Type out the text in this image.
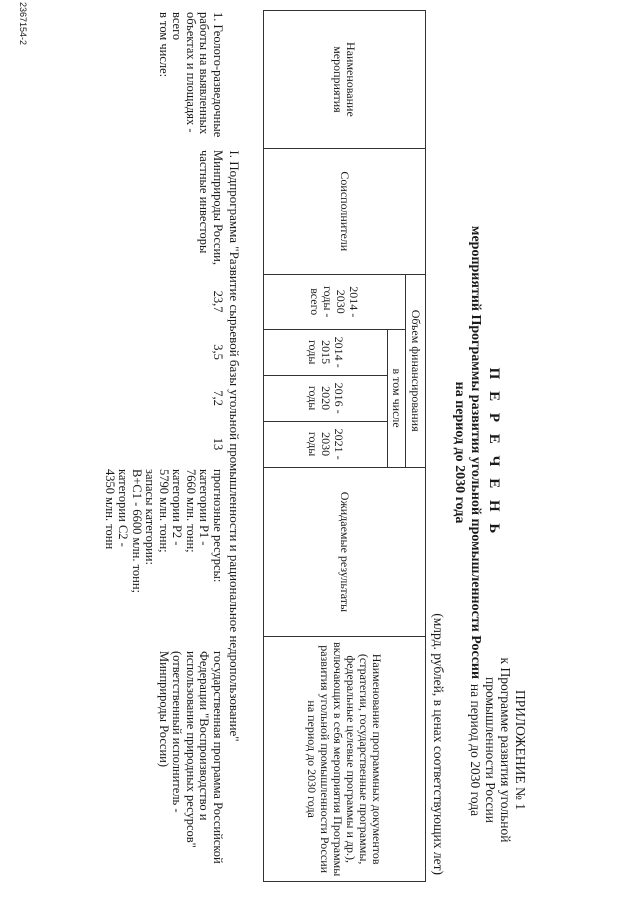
ПРИЛОЖЕНИЕ № 1
к Программе развития угольной
промышленности России
на период до 2030 года
П Е Р Е Ч Е Н Ь
мероприятий Программы развития угольной промышленности России
на период до 2030 года
(млрд. рублей, в ценах соответствующих лет)
Наименование мероприятия	Соисполнители	Объем финансирования				Ожидаемые результаты	Наименование программных документов (стратегии, государственные программы, федеральные целевые программы и др.), включающих в себя мероприятия Программы развития угольной промышленности России на период до 2030 года
		2014 - 2030 годы - всего	в том числе				
			2014 - 2015 годы	2016 - 2020 годы	2021 - 2030 годы		
I. Подпрограмма "Развитие сырьевой базы угольной промышленности и рациональное недропользование"
1. Геолого-разведочные работы на выявленных объектах и площадях - всего
в том числе:	Минприроды России, частные инвесторы	23,7	3,5	7,2	13	прогнозные ресурсы:
категории P1 -
7660 млн. тонн;
категории P2 -
5790 млн. тонн;
запасы категории:
B+C1 - 6600 млн. тонн;
категории C2 -
4350 млн. тонн	государственная программа Российской Федерации "Воспроизводство и использование природных ресурсов"
(ответственный исполнитель - Минприроды России)
2367154-2
